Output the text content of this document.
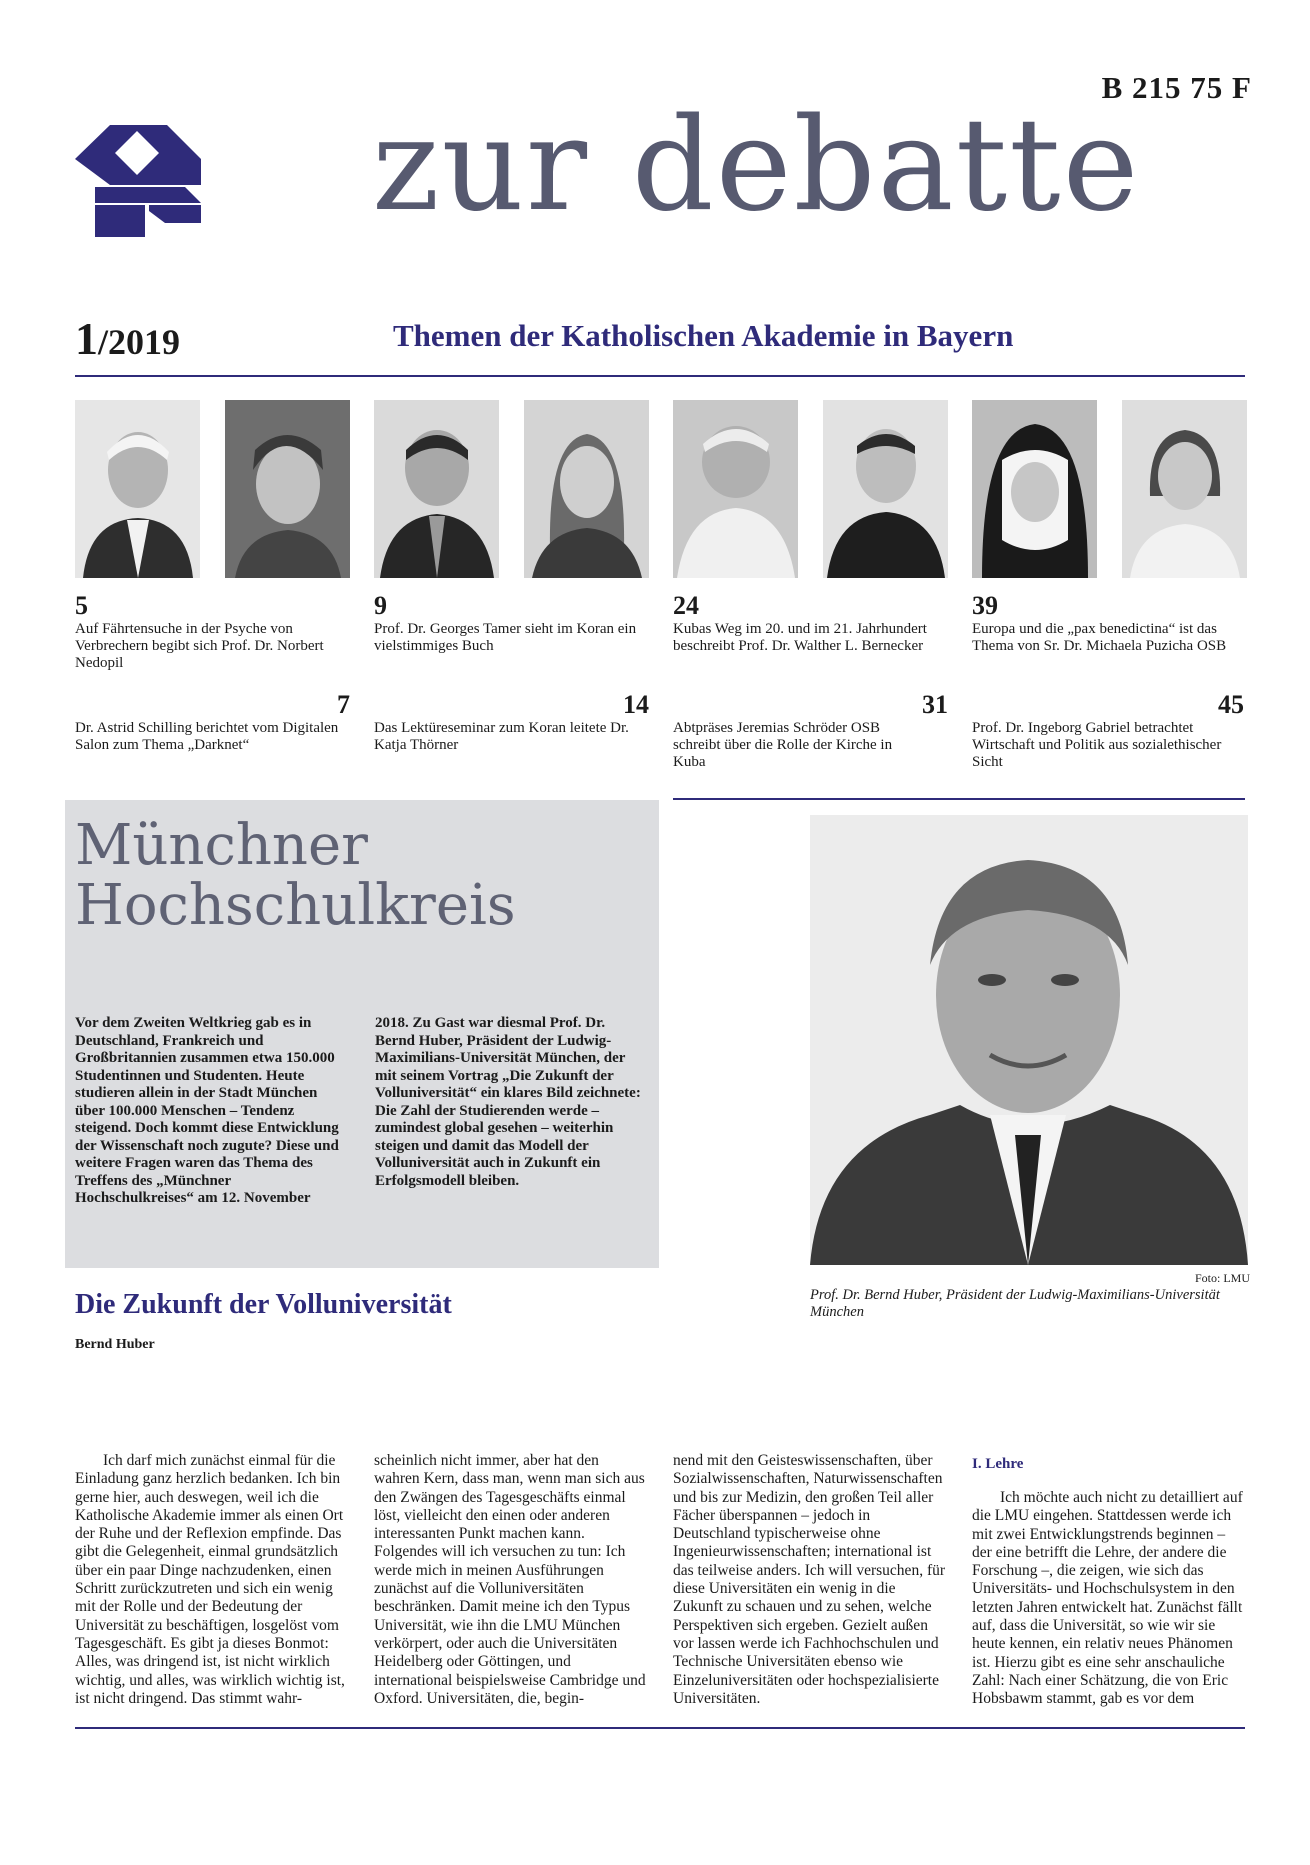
B 215 75 F
zur debatte
1/2019	Themen der Katholischen Akademie in Bayern
5
Auf Fährtensuche in der Psyche von Verbrechern begibt sich Prof. Dr. Norbert Nedopil
9
Prof. Dr. Georges Tamer sieht im Koran ein vielstimmiges Buch
24
Kubas Weg im 20. und im 21. Jahrhundert beschreibt Prof. Dr. Walther L. Bernecker
39
Europa und die „pax benedictina“ ist das Thema von Sr. Dr. Michaela Puzicha OSB
7
Dr. Astrid Schilling berichtet vom Digitalen Salon zum Thema „Darknet“
14
Das Lektüreseminar zum Koran leitete Dr. Katja Thörner
31
Abtpräses Jeremias Schröder OSB schreibt über die Rolle der Kirche in Kuba
45
Prof. Dr. Ingeborg Gabriel betrachtet Wirtschaft und Politik aus sozialethischer Sicht
Münchner
Hochschulkreis
Vor dem Zweiten Weltkrieg gab es in Deutschland, Frankreich und Großbritannien zusammen etwa 150.000 Studentinnen und Studenten. Heute studieren allein in der Stadt München über 100.000 Menschen – Tendenz steigend. Doch kommt diese Entwicklung der Wissenschaft noch zugute? Diese und weitere Fragen waren das Thema des Treffens des „Münchner Hochschulkreises“ am 12. November
2018. Zu Gast war diesmal Prof. Dr. Bernd Huber, Präsident der Ludwig-Maximilians-Universität München, der mit seinem Vortrag „Die Zukunft der Volluniversität“ ein klares Bild zeichnete: Die Zahl der Studierenden werde – zumindest global gesehen – weiterhin steigen und damit das Modell der Volluniversität auch in Zukunft ein Erfolgsmodell bleiben.
Foto: LMU
Prof. Dr. Bernd Huber, Präsident der Ludwig-Maximilians-Universität München
Die Zukunft der Volluniversität
Bernd Huber
Ich darf mich zunächst einmal für die Einladung ganz herzlich bedanken. Ich bin gerne hier, auch deswegen, weil ich die Katholische Akademie immer als einen Ort der Ruhe und der Reflexion empfinde. Das gibt die Gelegenheit, einmal grundsätzlich über ein paar Dinge nachzudenken, einen Schritt zurückzutreten und sich ein wenig mit der Rolle und der Bedeutung der Universität zu beschäftigen, losgelöst vom Tagesgeschäft. Es gibt ja dieses Bonmot: Alles, was dringend ist, ist nicht wirklich wichtig, und alles, was wirklich wichtig ist, ist nicht dringend. Das stimmt wahr-
scheinlich nicht immer, aber hat den wahren Kern, dass man, wenn man sich aus den Zwängen des Tagesgeschäfts einmal löst, vielleicht den einen oder anderen interessanten Punkt machen kann.
Folgendes will ich versuchen zu tun: Ich werde mich in meinen Ausführungen zunächst auf die Volluniversitäten beschränken. Damit meine ich den Typus Universität, wie ihn die LMU München verkörpert, oder auch die Universitäten Heidelberg oder Göttingen, und international beispielsweise Cambridge und Oxford. Universitäten, die, begin-
nend mit den Geisteswissenschaften, über Sozialwissenschaften, Naturwissenschaften und bis zur Medizin, den großen Teil aller Fächer überspannen – jedoch in Deutschland typischerweise ohne Ingenieurwissenschaften; international ist das teilweise anders. Ich will versuchen, für diese Universitäten ein wenig in die Zukunft zu schauen und zu sehen, welche Perspektiven sich ergeben. Gezielt außen vor lassen werde ich Fachhochschulen und Technische Universitäten ebenso wie Einzeluniversitäten oder hochspezialisierte Universitäten.
I. Lehre
Ich möchte auch nicht zu detailliert auf die LMU eingehen. Stattdessen werde ich mit zwei Entwicklungstrends beginnen – der eine betrifft die Lehre, der andere die Forschung –, die zeigen, wie sich das Universitäts- und Hochschulsystem in den letzten Jahren entwickelt hat. Zunächst fällt auf, dass die Universität, so wie wir sie heute kennen, ein relativ neues Phänomen ist. Hierzu gibt es eine sehr anschauliche Zahl: Nach einer Schätzung, die von Eric Hobsbawm stammt, gab es vor dem
